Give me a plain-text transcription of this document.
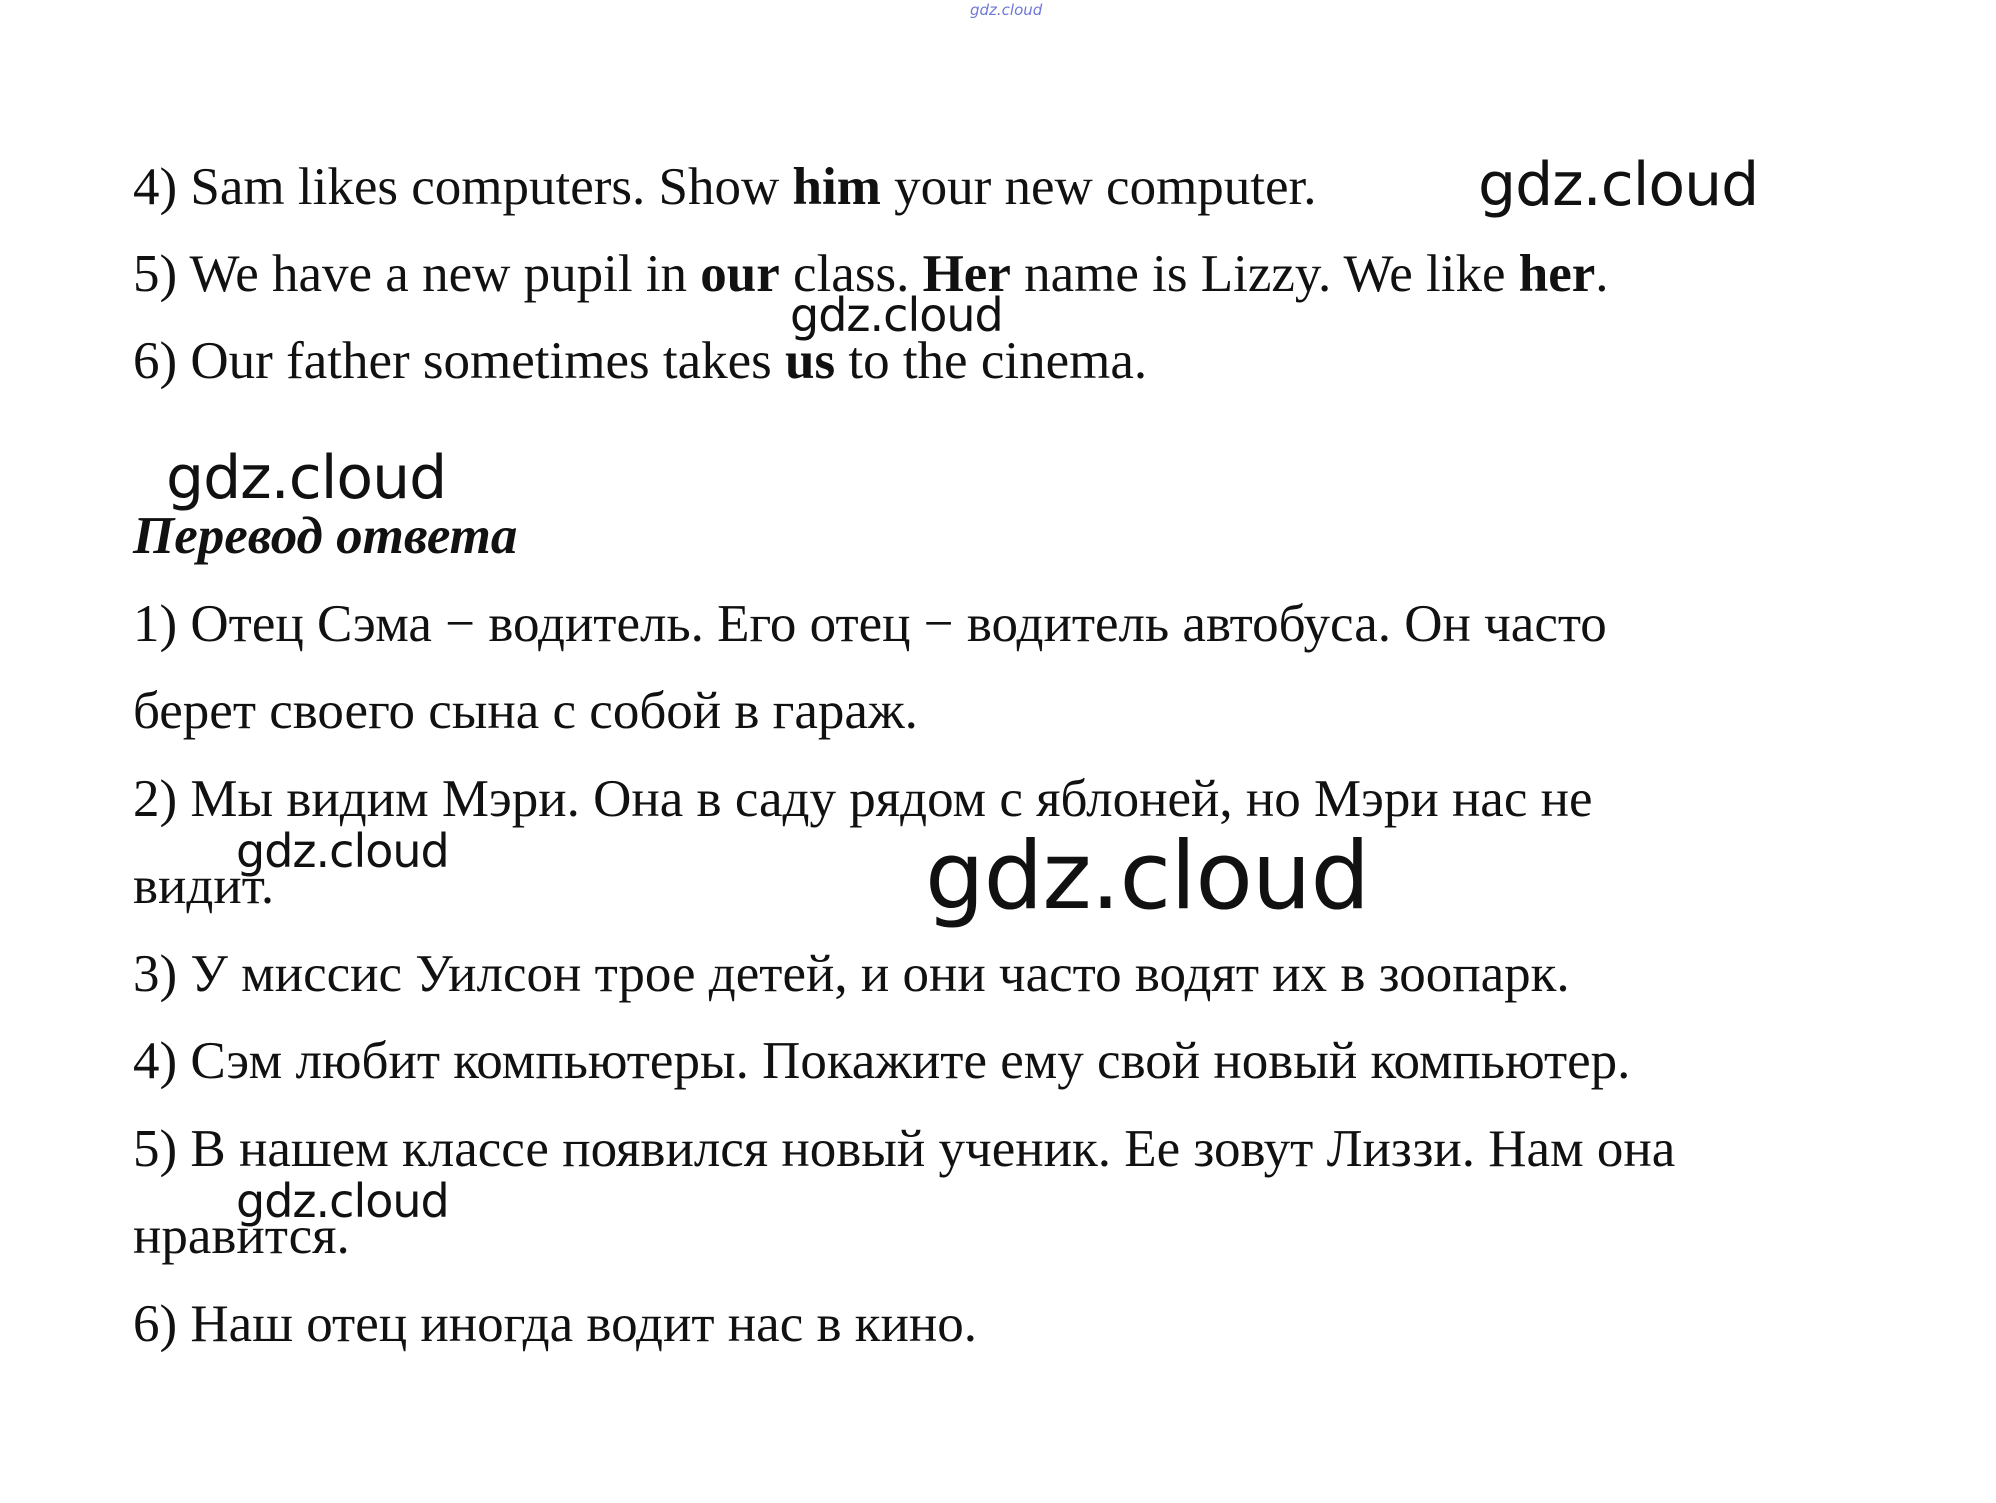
gdz.cloud
4) Sam likes computers. Show him your new computer.
5) We have a new pupil in our class. Her name is Lizzy. We like her.
6) Our father sometimes takes us to the cinema.
Перевод ответа
1) Отец Сэма − водитель. Его отец − водитель автобуса. Он часто
берет своего сына с собой в гараж.
2) Мы видим Мэри. Она в саду рядом с яблоней, но Мэри нас не
видит.
3) У миссис Уилсон трое детей, и они часто водят их в зоопарк.
4) Сэм любит компьютеры. Покажите ему свой новый компьютер.
5) В нашем классе появился новый ученик. Ее зовут Лиззи. Нам она
нравится.
6) Наш отец иногда водит нас в кино.
gdz.cloud
gdz.cloud
gdz.cloud
gdz.cloud	gdz.cloud
gdz.cloud
